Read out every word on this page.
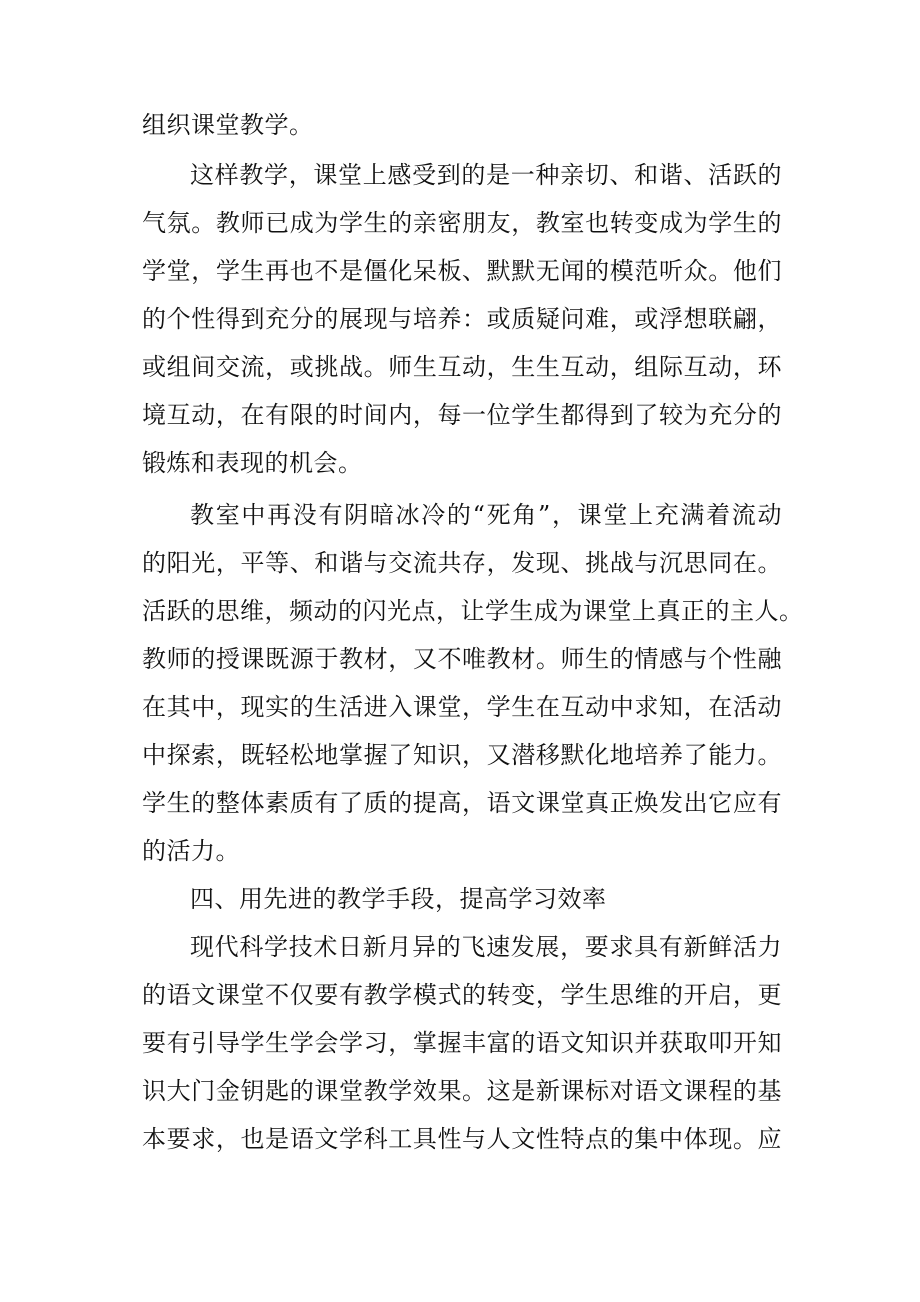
组织课堂教学。
这样教学，课堂上感受到的是一种亲切、和谐、活跃的
气氛。教师已成为学生的亲密朋友，教室也转变成为学生的
学堂，学生再也不是僵化呆板、默默无闻的模范听众。他们
的个性得到充分的展现与培养：或质疑问难，或浮想联翩，
或组间交流，或挑战。师生互动，生生互动，组际互动，环
境互动，在有限的时间内，每一位学生都得到了较为充分的
锻炼和表现的机会。
教室中再没有阴暗冰冷的“死角”，课堂上充满着流动
的阳光，平等、和谐与交流共存，发现、挑战与沉思同在。
活跃的思维，频动的闪光点，让学生成为课堂上真正的主人。
教师的授课既源于教材，又不唯教材。师生的情感与个性融
在其中，现实的生活进入课堂，学生在互动中求知，在活动
中探索，既轻松地掌握了知识，又潜移默化地培养了能力。
学生的整体素质有了质的提高，语文课堂真正焕发出它应有
的活力。
四、用先进的教学手段，提高学习效率
现代科学技术日新月异的飞速发展，要求具有新鲜活力
的语文课堂不仅要有教学模式的转变，学生思维的开启，更
要有引导学生学会学习，掌握丰富的语文知识并获取叩开知
识大门金钥匙的课堂教学效果。这是新课标对语文课程的基
本要求，也是语文学科工具性与人文性特点的集中体现。应
